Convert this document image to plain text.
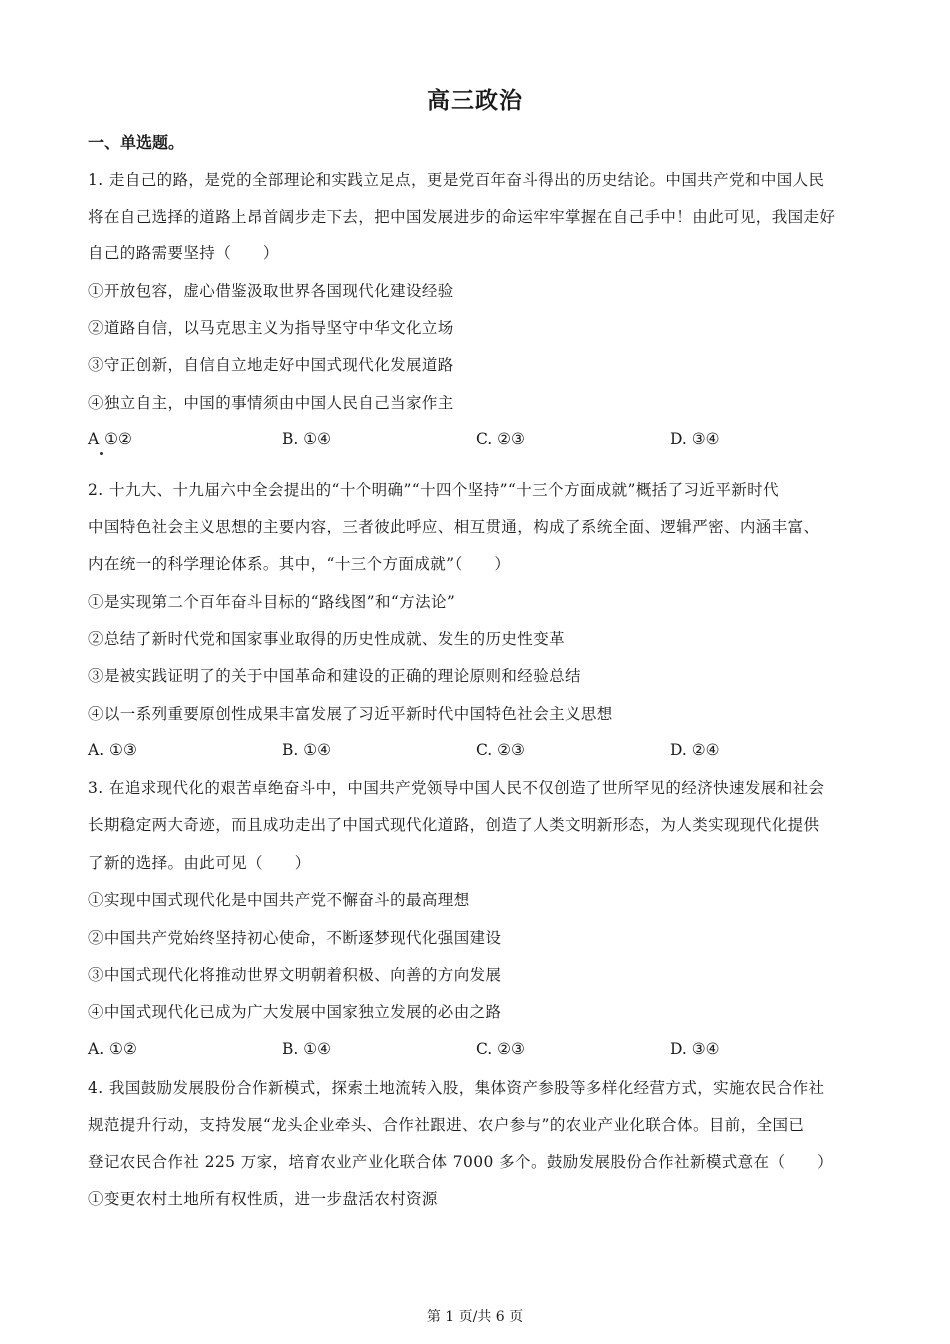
高三政治
一、单选题。
1. 走自己的路，是党的全部理论和实践立足点，更是党百年奋斗得出的历史结论。中国共产党和中国人民
将在自己选择的道路上昂首阔步走下去，把中国发展进步的命运牢牢掌握在自己手中！由此可见，我国走好
自己的路需要坚持（　　）
①开放包容，虚心借鉴汲取世界各国现代化建设经验
②道路自信，以马克思主义为指导坚守中华文化立场
③守正创新，自信自立地走好中国式现代化发展道路
④独立自主，中国的事情须由中国人民自己当家作主
A ①②	B. ①④	C. ②③	D. ③④
2. 十九大、十九届六中全会提出的“十个明确”“十四个坚持”“十三个方面成就”概括了习近平新时代
中国特色社会主义思想的主要内容，三者彼此呼应、相互贯通，构成了系统全面、逻辑严密、内涵丰富、
内在统一的科学理论体系。其中，“十三个方面成就”（　　）
①是实现第二个百年奋斗目标的“路线图”和“方法论”
②总结了新时代党和国家事业取得的历史性成就、发生的历史性变革
③是被实践证明了的关于中国革命和建设的正确的理论原则和经验总结
④以一系列重要原创性成果丰富发展了习近平新时代中国特色社会主义思想
A. ①③	B. ①④	C. ②③	D. ②④
3. 在追求现代化的艰苦卓绝奋斗中，中国共产党领导中国人民不仅创造了世所罕见的经济快速发展和社会
长期稳定两大奇迹，而且成功走出了中国式现代化道路，创造了人类文明新形态，为人类实现现代化提供
了新的选择。由此可见（　　）
①实现中国式现代化是中国共产党不懈奋斗的最高理想
②中国共产党始终坚持初心使命，不断逐梦现代化强国建设
③中国式现代化将推动世界文明朝着积极、向善的方向发展
④中国式现代化已成为广大发展中国家独立发展的必由之路
A. ①②	B. ①④	C. ②③	D. ③④
4. 我国鼓励发展股份合作新模式，探索土地流转入股，集体资产参股等多样化经营方式，实施农民合作社
规范提升行动，支持发展“龙头企业牵头、合作社跟进、农户参与”的农业产业化联合体。目前，全国已
登记农民合作社 225 万家，培育农业产业化联合体 7000 多个。鼓励发展股份合作社新模式意在（　　）
①变更农村土地所有权性质，进一步盘活农村资源
第 1 页/共 6 页
